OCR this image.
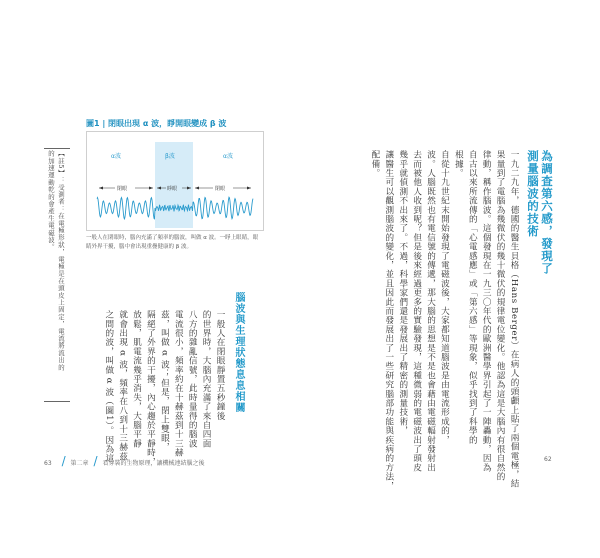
圖1 | 閉眼出現 α 波，睜開眼變成 β 波
α波	β波	α波
閉眼	睜眼	閉眼
一般人在閉眼時，腦內充滿了頻率的腦波，叫做 α 波。一睜上眼睛，眼睛外界干擾，腦中會出現重疊健康的 β 波。
【註5】：受測者：在電極形狀，電極是在頭皮上固定，電流將流出的
的加速運動乾的會產生電磁波。
腦波與生理狀態息息相關
一般人在閉眼靜置五秒鐘後
的世界時，大腦內充滿了來自四面
八方的雜亂信號，此時量得的腦波
電流很小，頻率約在十赫茲到十三赫
茲，叫做 α 波；但是，閉上雙眼，
隔絕了外界的干擾，內心趨於平靜時，
放鬆，肌電流幾乎消失，大腦平靜
就會出現 α 波，頻率在八到十三赫茲
之間的波，叫做 α 波（圖1）。因為這
為調查第六感，發現了
測量腦波的技術
一九二九年，德國的醫生貝格（Hans Berger）在病人的頭顱上貼了兩個電極，結
果量到了電腦為幾微伏的幾十微伏的規律電位變化。他認為這是大腦內有很自然的
律動，稱作腦波。這個發現在一九三〇年代的歐洲醫學界引起了一陣轟動，因為
自古以來所流傳的「心電感應」或「第六感」等現象，似乎找到了科學的
根據。
自從十九世紀末開始發現了電磁波後，大家都知道腦波是由電流形成的，
波。人腦既然也有電信號的傳遞，那大腦的思想是不是也會藉由電磁輻射發射出
去而被他人收到呢？但是後來經過更多的實驗發現，這種微弱的電磁波出了頭皮
幾乎就偵測不出來了。不過，科學家們還是發展出了精密的測量技術，
讓醫生可以觀測腦波的變化，並且因此而發展出了一些研究腦部功能與疾病的方法，
配備。
63 / 第二章 / 看穿裝的生物原理，讓機械連結腦之後
62
